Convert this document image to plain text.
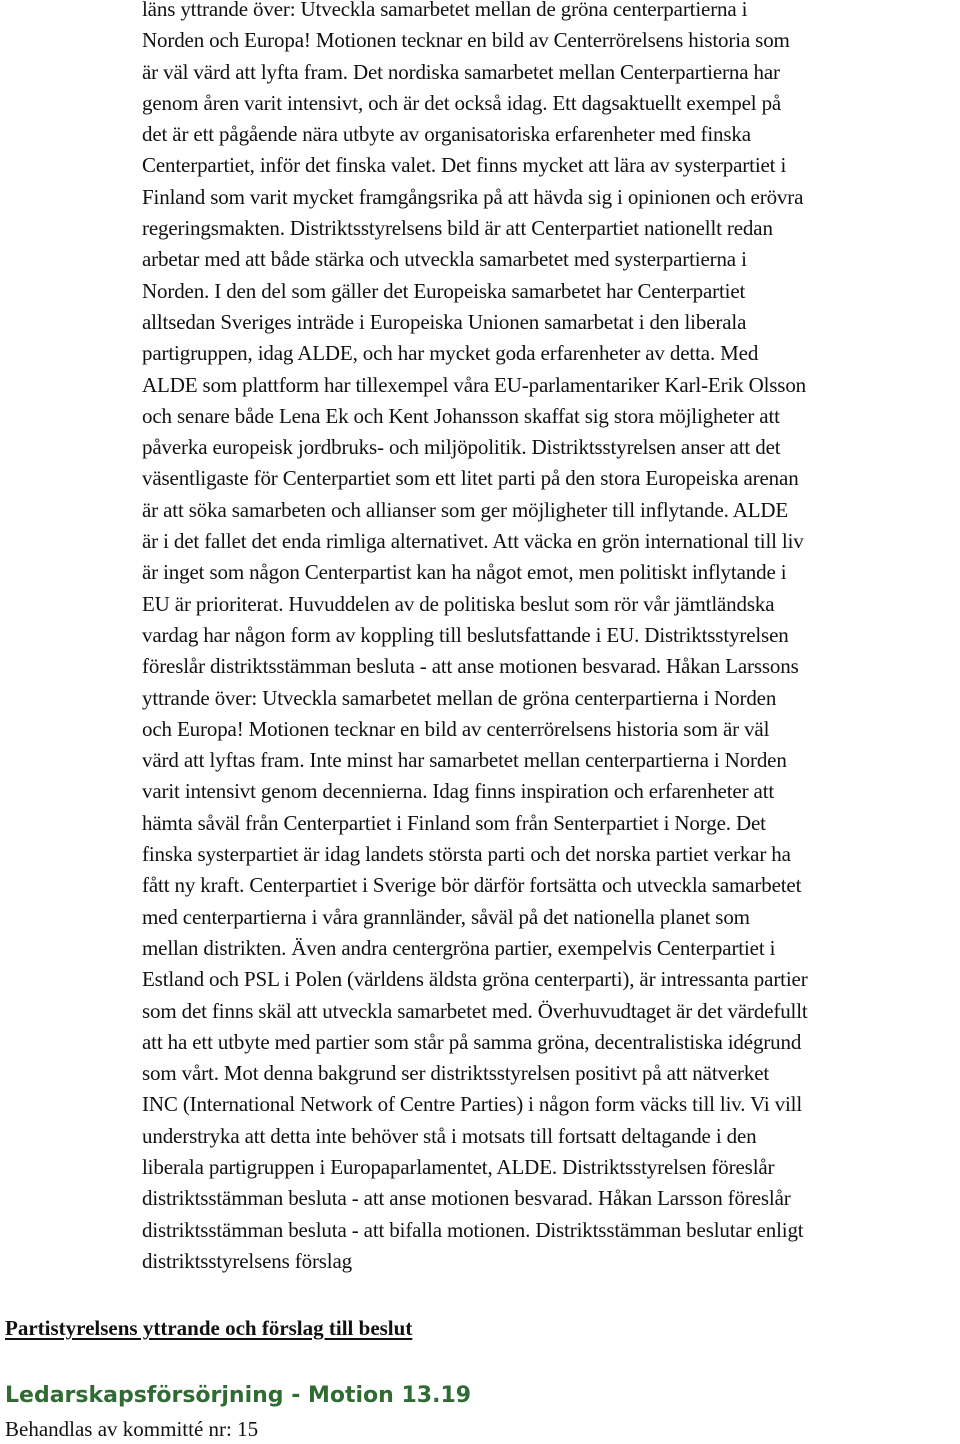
läns yttrande över: Utveckla samarbetet mellan de gröna centerpartierna i
Norden och Europa! Motionen tecknar en bild av Centerrörelsens historia som
är väl värd att lyfta fram. Det nordiska samarbetet mellan Centerpartierna har
genom åren varit intensivt, och är det också idag. Ett dagsaktuellt exempel på
det är ett pågående nära utbyte av organisatoriska erfarenheter med finska
Centerpartiet, inför det finska valet. Det finns mycket att lära av systerpartiet i
Finland som varit mycket framgångsrika på att hävda sig i opinionen och erövra
regeringsmakten. Distriktsstyrelsens bild är att Centerpartiet nationellt redan
arbetar med att både stärka och utveckla samarbetet med systerpartierna i
Norden. I den del som gäller det Europeiska samarbetet har Centerpartiet
alltsedan Sveriges inträde i Europeiska Unionen samarbetat i den liberala
partigruppen, idag ALDE, och har mycket goda erfarenheter av detta. Med
ALDE som plattform har tillexempel våra EU-parlamentariker Karl-Erik Olsson
och senare både Lena Ek och Kent Johansson skaffat sig stora möjligheter att
påverka europeisk jordbruks- och miljöpolitik. Distriktsstyrelsen anser att det
väsentligaste för Centerpartiet som ett litet parti på den stora Europeiska arenan
är att söka samarbeten och allianser som ger möjligheter till inflytande. ALDE
är i det fallet det enda rimliga alternativet. Att väcka en grön international till liv
är inget som någon Centerpartist kan ha något emot, men politiskt inflytande i
EU är prioriterat. Huvuddelen av de politiska beslut som rör vår jämtländska
vardag har någon form av koppling till beslutsfattande i EU. Distriktsstyrelsen
föreslår distriktsstämman besluta - att anse motionen besvarad. Håkan Larssons
yttrande över: Utveckla samarbetet mellan de gröna centerpartierna i Norden
och Europa! Motionen tecknar en bild av centerrörelsens historia som är väl
värd att lyftas fram. Inte minst har samarbetet mellan centerpartierna i Norden
varit intensivt genom decennierna. Idag finns inspiration och erfarenheter att
hämta såväl från Centerpartiet i Finland som från Senterpartiet i Norge. Det
finska systerpartiet är idag landets största parti och det norska partiet verkar ha
fått ny kraft. Centerpartiet i Sverige bör därför fortsätta och utveckla samarbetet
med centerpartierna i våra grannländer, såväl på det nationella planet som
mellan distrikten. Även andra centergröna partier, exempelvis Centerpartiet i
Estland och PSL i Polen (världens äldsta gröna centerparti), är intressanta partier
som det finns skäl att utveckla samarbetet med. Överhuvudtaget är det värdefullt
att ha ett utbyte med partier som står på samma gröna, decentralistiska idégrund
som vårt. Mot denna bakgrund ser distriktsstyrelsen positivt på att nätverket
INC (International Network of Centre Parties) i någon form väcks till liv. Vi vill
understryka att detta inte behöver stå i motsats till fortsatt deltagande i den
liberala partigruppen i Europaparlamentet, ALDE. Distriktsstyrelsen föreslår
distriktsstämman besluta - att anse motionen besvarad. Håkan Larsson föreslår
distriktsstämman besluta - att bifalla motionen. Distriktsstämman beslutar enligt
distriktsstyrelsens förslag
Partistyrelsens yttrande och förslag till beslut
Ledarskapsförsörjning - Motion 13.19

Behandlas av kommitté nr: 15
